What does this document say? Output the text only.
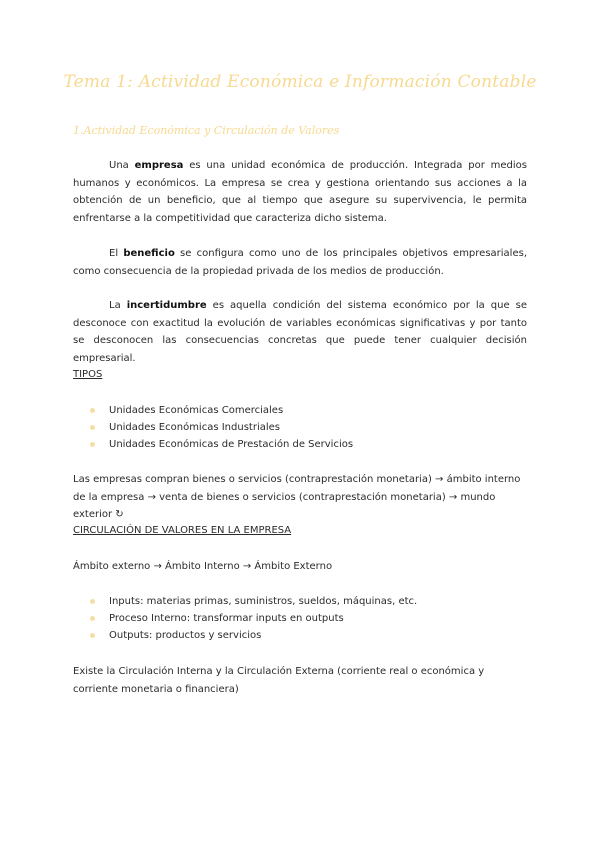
Tema 1: Actividad Económica e Información Contable
1.Actividad Económica y Circulación de Valores
Una empresa es una unidad económica de producción. Integrada por medios humanos y económicos. La empresa se crea y gestiona orientando sus acciones a la obtención de un beneficio, que al tiempo que asegure su supervivencia, le permita enfrentarse a la competitividad que caracteriza dicho sistema.
El beneficio se configura como uno de los principales objetivos empresariales, como consecuencia de la propiedad privada de los medios de producción.
La incertidumbre es aquella condición del sistema económico por la que se desconoce con exactitud la evolución de variables económicas significativas y por tanto se desconocen las consecuencias concretas que puede tener cualquier decisión empresarial.
TIPOS
Unidades Económicas Comerciales
Unidades Económicas Industriales
Unidades Económicas de Prestación de Servicios
Las empresas compran bienes o servicios (contraprestación monetaria) → ámbito interno de la empresa → venta de bienes o servicios (contraprestación monetaria) → mundo exterior ↻
CIRCULACIÓN DE VALORES EN LA EMPRESA
Ámbito externo → Ámbito Interno → Ámbito Externo
Inputs: materias primas, suministros, sueldos, máquinas, etc.
Proceso Interno: transformar inputs en outputs
Outputs: productos y servicios
Existe la Circulación Interna y la Circulación Externa (corriente real o económica y corriente monetaria o financiera)
